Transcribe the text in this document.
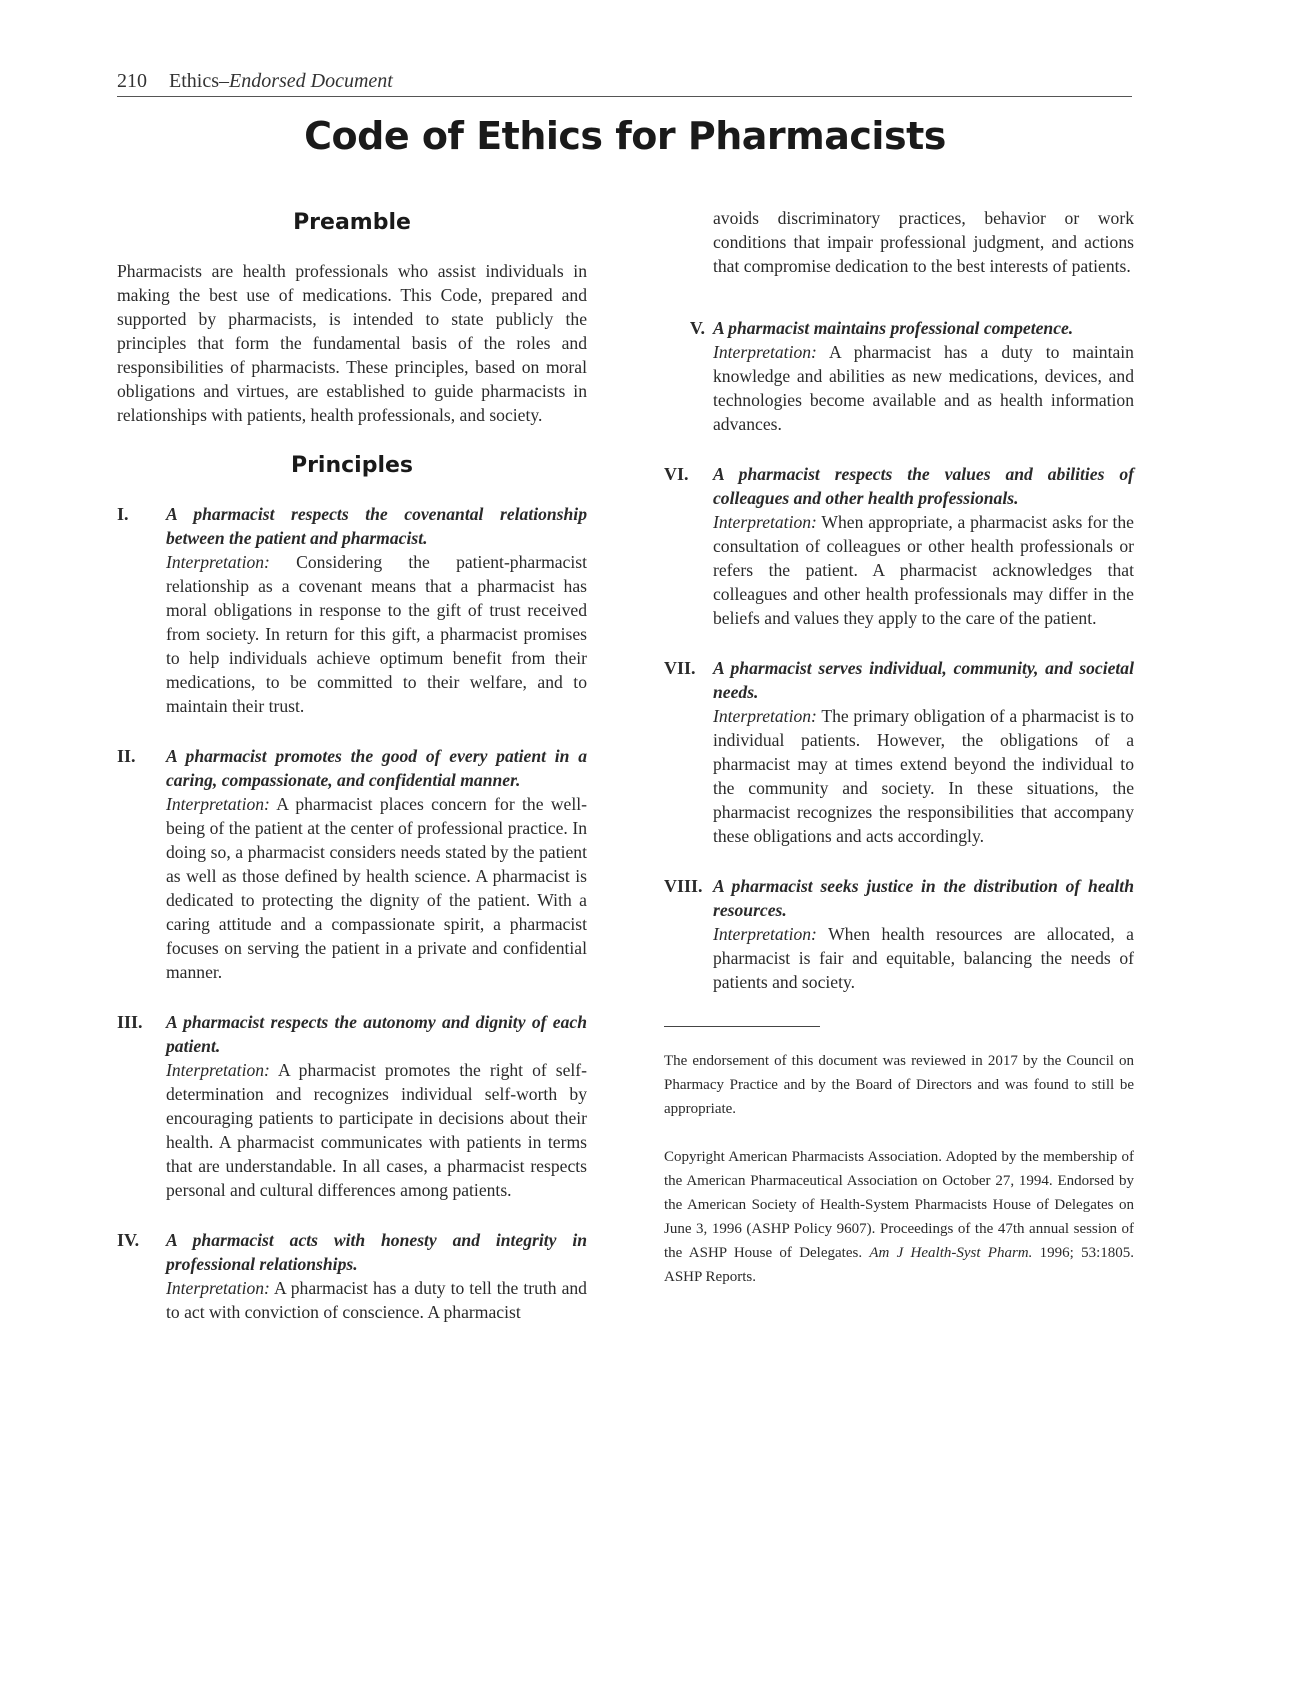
210 Ethics–Endorsed Document
Code of Ethics for Pharmacists
Preamble

Pharmacists are health professionals who assist individuals in making the best use of medications. This Code, prepared and supported by pharmacists, is intended to state publicly the principles that form the fundamental basis of the roles and responsibilities of pharmacists. These principles, based on moral obligations and virtues, are established to guide pharmacists in relationships with patients, health professionals, and society.

Principles
I.	A pharmacist respects the covenantal relationship between the patient and pharmacist.
Interpretation: Considering the patient-pharmacist relationship as a covenant means that a pharmacist has moral obligations in response to the gift of trust received from society. In return for this gift, a pharmacist promises to help individuals achieve optimum benefit from their medications, to be committed to their welfare, and to maintain their trust.
II.	A pharmacist promotes the good of every patient in a caring, compassionate, and confidential manner.
Interpretation: A pharmacist places concern for the well-being of the patient at the center of professional practice. In doing so, a pharmacist considers needs stated by the patient as well as those defined by health science. A pharmacist is dedicated to protecting the dignity of the patient. With a caring attitude and a compassionate spirit, a pharmacist focuses on serving the patient in a private and confidential manner.
III.	A pharmacist respects the autonomy and dignity of each patient.
Interpretation: A pharmacist promotes the right of self-determination and recognizes individual self-worth by encouraging patients to participate in decisions about their health. A pharmacist communicates with patients in terms that are understandable. In all cases, a pharmacist respects personal and cultural differences among patients.
IV.	A pharmacist acts with honesty and integrity in professional relationships.
Interpretation: A pharmacist has a duty to tell the truth and to act with conviction of conscience. A pharmacist
avoids discriminatory practices, behavior or work conditions that impair professional judgment, and actions that compromise dedication to the best interests of patients.
V. A pharmacist maintains professional competence.
Interpretation: A pharmacist has a duty to maintain knowledge and abilities as new medications, devices, and technologies become available and as health information advances.
VI.	A pharmacist respects the values and abilities of colleagues and other health professionals.
Interpretation: When appropriate, a pharmacist asks for the consultation of colleagues or other health professionals or refers the patient. A pharmacist acknowledges that colleagues and other health professionals may differ in the beliefs and values they apply to the care of the patient.
VII. A pharmacist serves individual, community, and societal needs.
Interpretation: The primary obligation of a pharmacist is to individual patients. However, the obligations of a pharmacist may at times extend beyond the individual to the community and society. In these situations, the pharmacist recognizes the responsibilities that accompany these obligations and acts accordingly.
VIII. A pharmacist seeks justice in the distribution of health resources.
Interpretation: When health resources are allocated, a pharmacist is fair and equitable, balancing the needs of patients and society.

The endorsement of this document was reviewed in 2017 by the Council on Pharmacy Practice and by the Board of Directors and was found to still be appropriate.

Copyright American Pharmacists Association. Adopted by the membership of the American Pharmaceutical Association on October 27, 1994. Endorsed by the American Society of Health-System Pharmacists House of Delegates on June 3, 1996 (ASHP Policy 9607). Proceedings of the 47th annual session of the ASHP House of Delegates. Am J Health-Syst Pharm. 1996; 53:1805. ASHP Reports.
